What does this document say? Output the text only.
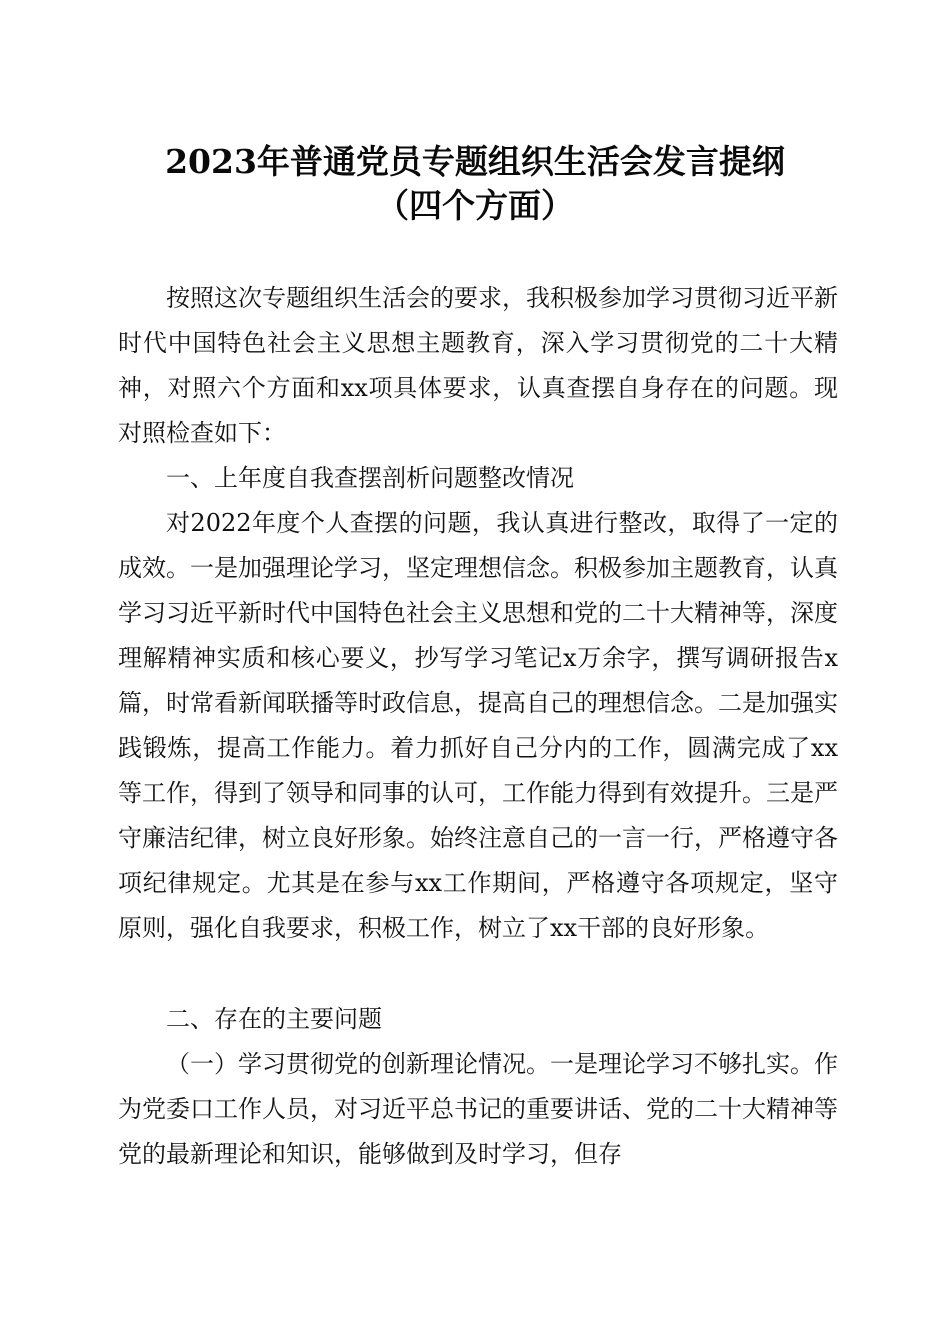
2023年普通党员专题组织生活会发言提纲
（四个方面）

按照这次专题组织生活会的要求，我积极参加学习贯彻习近平新时代中国特色社会主义思想主题教育，深入学习贯彻党的二十大精神，对照六个方面和xx项具体要求，认真查摆自身存在的问题。现对照检查如下：

一、上年度自我查摆剖析问题整改情况

对2022年度个人查摆的问题，我认真进行整改，取得了一定的成效。一是加强理论学习，坚定理想信念。积极参加主题教育，认真学习习近平新时代中国特色社会主义思想和党的二十大精神等，深度理解精神实质和核心要义，抄写学习笔记x万余字，撰写调研报告x篇，时常看新闻联播等时政信息，提高自己的理想信念。二是加强实践锻炼，提高工作能力。着力抓好自己分内的工作，圆满完成了xx等工作，得到了领导和同事的认可，工作能力得到有效提升。三是严守廉洁纪律，树立良好形象。始终注意自己的一言一行，严格遵守各项纪律规定。尤其是在参与xx工作期间，严格遵守各项规定，坚守原则，强化自我要求，积极工作，树立了xx干部的良好形象。

二、存在的主要问题

（一）学习贯彻党的创新理论情况。一是理论学习不够扎实。作为党委口工作人员，对习近平总书记的重要讲话、党的二十大精神等党的最新理论和知识，能够做到及时学习，但存
